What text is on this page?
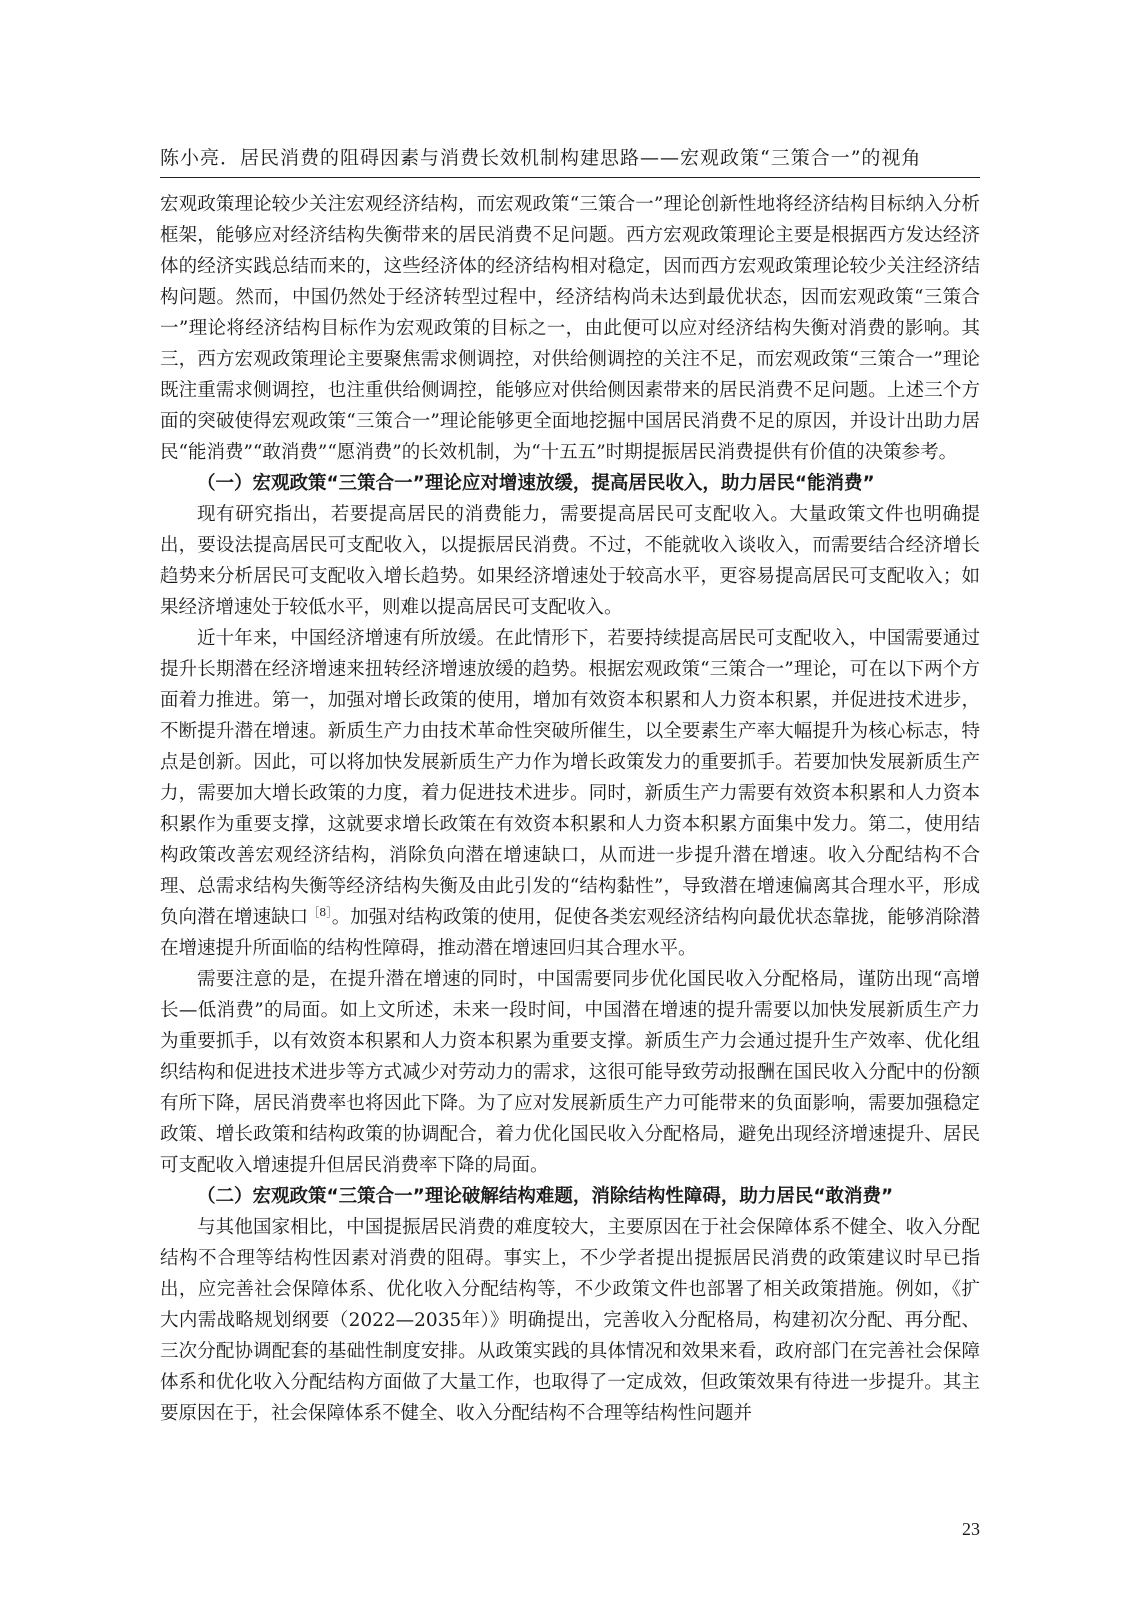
陈小亮．居民消费的阻碍因素与消费长效机制构建思路——宏观政策“三策合一”的视角

宏观政策理论较少关注宏观经济结构，而宏观政策“三策合一”理论创新性地将经济结构目标纳入分析框架，能够应对经济结构失衡带来的居民消费不足问题。西方宏观政策理论主要是根据西方发达经济体的经济实践总结而来的，这些经济体的经济结构相对稳定，因而西方宏观政策理论较少关注经济结构问题。然而，中国仍然处于经济转型过程中，经济结构尚未达到最优状态，因而宏观政策“三策合一”理论将经济结构目标作为宏观政策的目标之一，由此便可以应对经济结构失衡对消费的影响。其三，西方宏观政策理论主要聚焦需求侧调控，对供给侧调控的关注不足，而宏观政策“三策合一”理论既注重需求侧调控，也注重供给侧调控，能够应对供给侧因素带来的居民消费不足问题。上述三个方面的突破使得宏观政策“三策合一”理论能够更全面地挖掘中国居民消费不足的原因，并设计出助力居民“能消费”“敢消费”“愿消费”的长效机制，为“十五五”时期提振居民消费提供有价值的决策参考。

（一）宏观政策“三策合一”理论应对增速放缓，提高居民收入，助力居民“能消费”

现有研究指出，若要提高居民的消费能力，需要提高居民可支配收入。大量政策文件也明确提出，要设法提高居民可支配收入，以提振居民消费。不过，不能就收入谈收入，而需要结合经济增长趋势来分析居民可支配收入增长趋势。如果经济增速处于较高水平，更容易提高居民可支配收入；如果经济增速处于较低水平，则难以提高居民可支配收入。

近十年来，中国经济增速有所放缓。在此情形下，若要持续提高居民可支配收入，中国需要通过提升长期潜在经济增速来扭转经济增速放缓的趋势。根据宏观政策“三策合一”理论，可在以下两个方面着力推进。第一，加强对增长政策的使用，增加有效资本积累和人力资本积累，并促进技术进步，不断提升潜在增速。新质生产力由技术革命性突破所催生，以全要素生产率大幅提升为核心标志，特点是创新。因此，可以将加快发展新质生产力作为增长政策发力的重要抓手。若要加快发展新质生产力，需要加大增长政策的力度，着力促进技术进步。同时，新质生产力需要有效资本积累和人力资本积累作为重要支撑，这就要求增长政策在有效资本积累和人力资本积累方面集中发力。第二，使用结构政策改善宏观经济结构，消除负向潜在增速缺口，从而进一步提升潜在增速。收入分配结构不合理、总需求结构失衡等经济结构失衡及由此引发的“结构黏性”，导致潜在增速偏离其合理水平，形成负向潜在增速缺口$^{[8]}$。加强对结构政策的使用，促使各类宏观经济结构向最优状态靠拢，能够消除潜在增速提升所面临的结构性障碍，推动潜在增速回归其合理水平。

需要注意的是，在提升潜在增速的同时，中国需要同步优化国民收入分配格局，谨防出现“高增长—低消费”的局面。如上文所述，未来一段时间，中国潜在增速的提升需要以加快发展新质生产力为重要抓手，以有效资本积累和人力资本积累为重要支撑。新质生产力会通过提升生产效率、优化组织结构和促进技术进步等方式减少对劳动力的需求，这很可能导致劳动报酬在国民收入分配中的份额有所下降，居民消费率也将因此下降。为了应对发展新质生产力可能带来的负面影响，需要加强稳定政策、增长政策和结构政策的协调配合，着力优化国民收入分配格局，避免出现经济增速提升、居民可支配收入增速提升但居民消费率下降的局面。

（二）宏观政策“三策合一”理论破解结构难题，消除结构性障碍，助力居民“敢消费”

与其他国家相比，中国提振居民消费的难度较大，主要原因在于社会保障体系不健全、收入分配结构不合理等结构性因素对消费的阻碍。事实上，不少学者提出提振居民消费的政策建议时早已指出，应完善社会保障体系、优化收入分配结构等，不少政策文件也部署了相关政策措施。例如，《扩大内需战略规划纲要（2022—2035年）》明确提出，完善收入分配格局，构建初次分配、再分配、三次分配协调配套的基础性制度安排。从政策实践的具体情况和效果来看，政府部门在完善社会保障体系和优化收入分配结构方面做了大量工作，也取得了一定成效，但政策效果有待进一步提升。其主要原因在于，社会保障体系不健全、收入分配结构不合理等结构性问题并

23
